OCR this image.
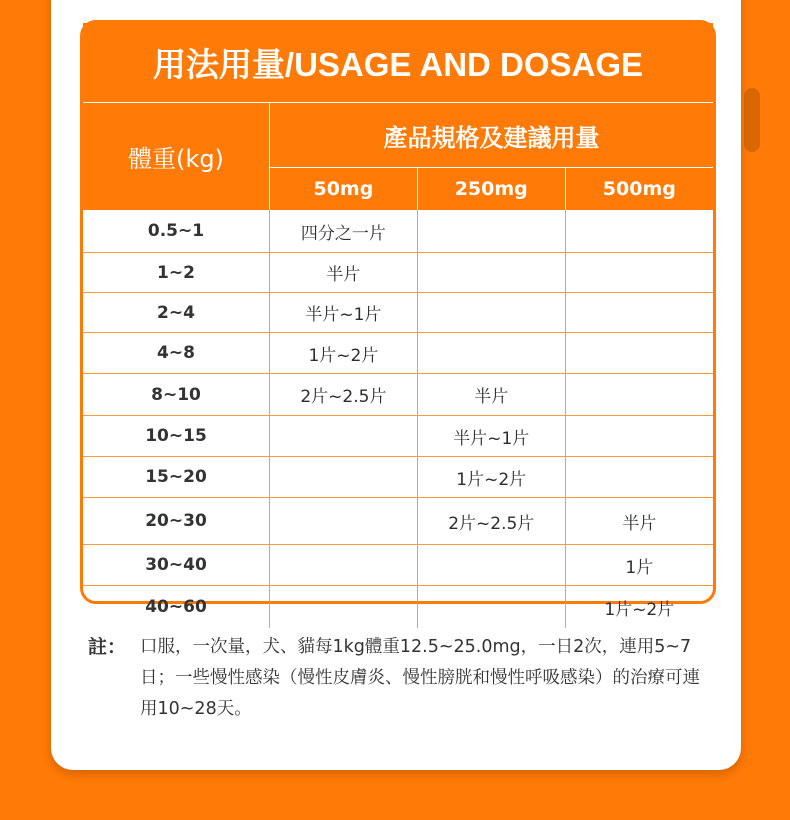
用法用量/USAGE AND DOSAGE
體重(kg)	產品規格及建議用量		
	50mg	250mg	500mg
0.5~1	四分之一片		
1~2	半片		
2~4	半片~1片		
4~8	1片~2片		
8~10	2片~2.5片	半片	
10~15		半片~1片	
15~20		1片~2片	
20~30		2片~2.5片	半片
30~40			1片
40~60			1片~2片
註： 口服，一次量，犬、貓每1kg體重12.5~25.0mg，一日2次，連用5~7日；一些慢性感染（慢性皮膚炎、慢性膀胱和慢性呼吸感染）的治療可連用10~28天。
